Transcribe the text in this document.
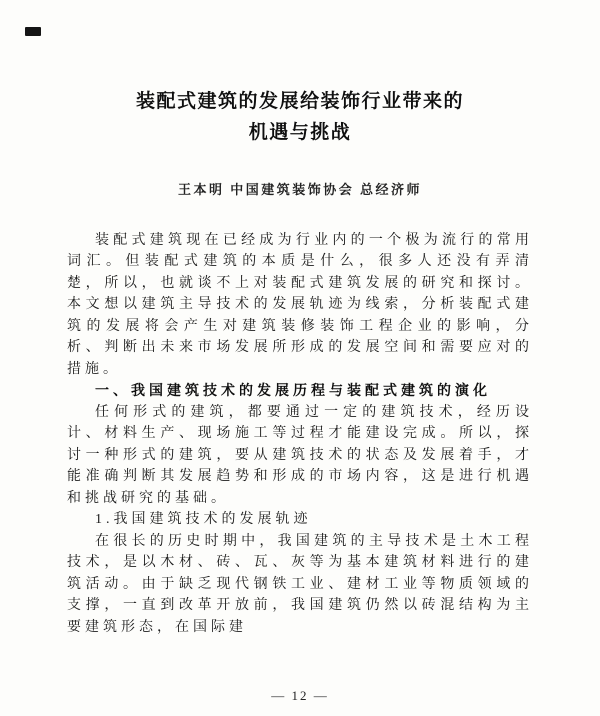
装配式建筑的发展给装饰行业带来的
机遇与挑战
王本明 中国建筑装饰协会 总经济师

装配式建筑现在已经成为行业内的一个极为流行的常用词汇。但装配式建筑的本质是什么，很多人还没有弄清楚，所以，也就谈不上对装配式建筑发展的研究和探讨。本文想以建筑主导技术的发展轨迹为线索，分析装配式建筑的发展将会产生对建筑装修装饰工程企业的影响，分析、判断出未来市场发展所形成的发展空间和需要应对的措施。

一、我国建筑技术的发展历程与装配式建筑的演化

任何形式的建筑，都要通过一定的建筑技术，经历设计、材料生产、现场施工等过程才能建设完成。所以，探讨一种形式的建筑，要从建筑技术的状态及发展着手，才能准确判断其发展趋势和形成的市场内容，这是进行机遇和挑战研究的基础。

1.我国建筑技术的发展轨迹

在很长的历史时期中，我国建筑的主导技术是土木工程技术，是以木材、砖、瓦、灰等为基本建筑材料进行的建筑活动。由于缺乏现代钢铁工业、建材工业等物质领域的支撑，一直到改革开放前，我国建筑仍然以砖混结构为主要建筑形态，在国际建

— 12 —
